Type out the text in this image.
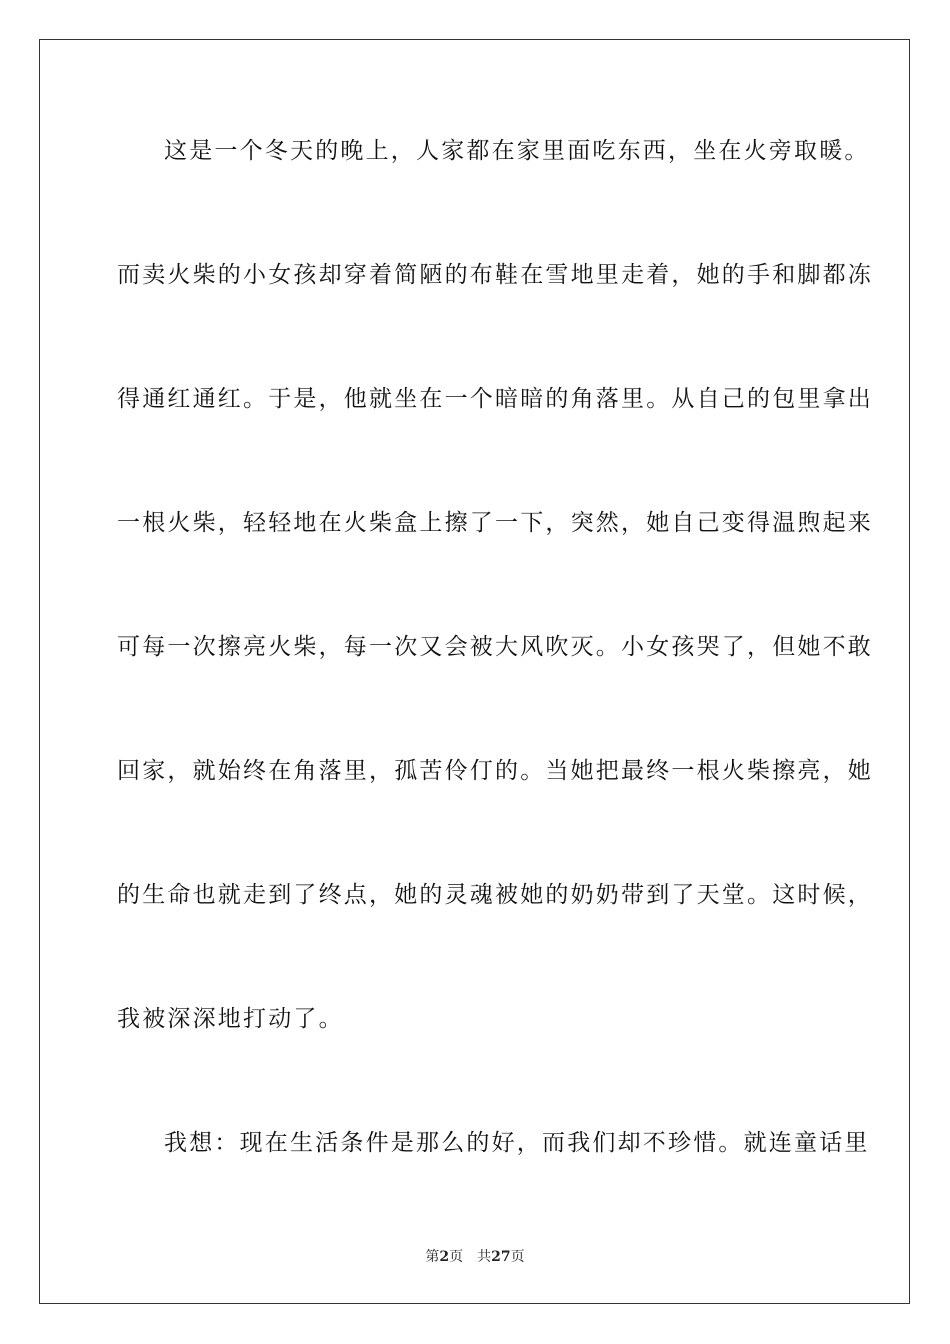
这是一个冬天的晚上，人家都在家里面吃东西，坐在火旁取暖。
而卖火柴的小女孩却穿着简陋的布鞋在雪地里走着，她的手和脚都冻
得通红通红。于是，他就坐在一个暗暗的角落里。从自己的包里拿出
一根火柴，轻轻地在火柴盒上擦了一下，突然，她自己变得温煦起来
可每一次擦亮火柴，每一次又会被大风吹灭。小女孩哭了，但她不敢
回家，就始终在角落里，孤苦伶仃的。当她把最终一根火柴擦亮，她
的生命也就走到了终点，她的灵魂被她的奶奶带到了天堂。这时候，
我被深深地打动了。
我想：现在生活条件是那么的好，而我们却不珍惜。就连童话里
第2页 共27页
